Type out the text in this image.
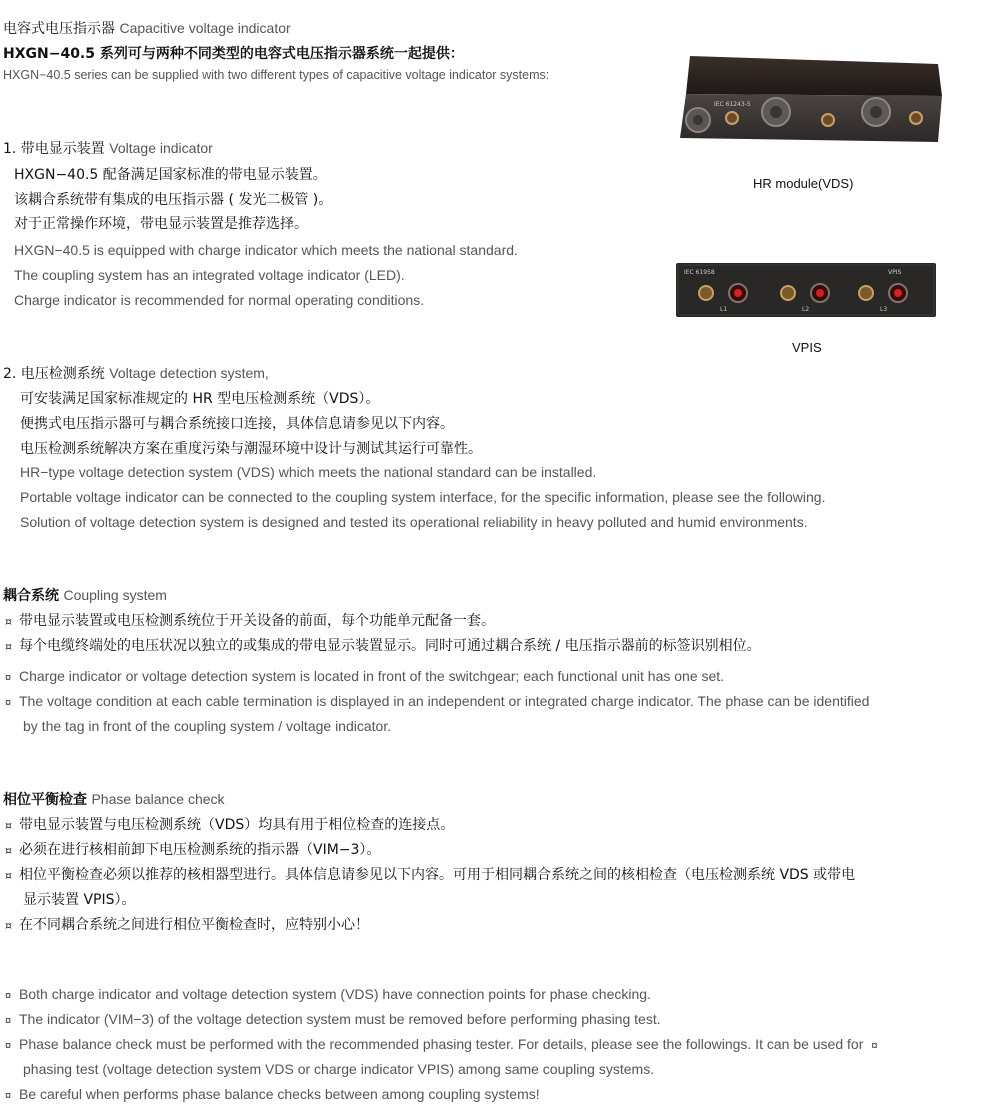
电容式电压指示器 Capacitive voltage indicator
HXGN−40.5 系列可与两种不同类型的电容式电压指示器系统一起提供：
HXGN−40.5 series can be supplied with two different types of capacitive voltage indicator systems:
1. 带电显示装置 Voltage indicator
HXGN−40.5 配备满足国家标准的带电显示装置。
该耦合系统带有集成的电压指示器 ( 发光二极管 )。
对于正常操作环境，带电显示装置是推荐选择。
HXGN−40.5 is equipped with charge indicator which meets the national standard.
The coupling system has an integrated voltage indicator (LED).
Charge indicator is recommended for normal operating conditions.
IEC 61243-5
HR module(VDS)
IEC 61958	VPIS
L1	L2	L3
VPIS
2. 电压检测系统 Voltage detection system,
可安装满足国家标准规定的 HR 型电压检测系统（VDS）。
便携式电压指示器可与耦合系统接口连接，具体信息请参见以下内容。
电压检测系统解决方案在重度污染与潮湿环境中设计与测试其运行可靠性。
HR−type voltage detection system (VDS) which meets the national standard can be installed.
Portable voltage indicator can be connected to the coupling system interface, for the specific information, please see the following.
Solution of voltage detection system is designed and tested its operational reliability in heavy polluted and humid environments.
耦合系统 Coupling system
¤ 带电显示装置或电压检测系统位于开关设备的前面，每个功能单元配备一套。
¤ 每个电缆终端处的电压状况以独立的或集成的带电显示装置显示。同时可通过耦合系统 / 电压指示器前的标签识别相位。
¤ Charge indicator or voltage detection system is located in front of the switchgear; each functional unit has one set.
¤ The voltage condition at each cable termination is displayed in an independent or integrated charge indicator. The phase can be identified
by the tag in front of the coupling system / voltage indicator.
相位平衡检查 Phase balance check
¤ 带电显示装置与电压检测系统（VDS）均具有用于相位检查的连接点。
¤ 必须在进行核相前卸下电压检测系统的指示器（VIM−3）。
¤ 相位平衡检查必须以推荐的核相器型进行。具体信息请参见以下内容。可用于相同耦合系统之间的核相检查（电压检测系统 VDS 或带电
显示装置 VPIS）。
¤ 在不同耦合系统之间进行相位平衡检查时，应特别小心！
¤ Both charge indicator and voltage detection system (VDS) have connection points for phase checking.
¤ The indicator (VIM−3) of the voltage detection system must be removed before performing phasing test.
¤ Phase balance check must be performed with the recommended phasing tester. For details, please see the followings. It can be used for ¤
phasing test (voltage detection system VDS or charge indicator VPIS) among same coupling systems.
¤ Be careful when performs phase balance checks between among coupling systems!
